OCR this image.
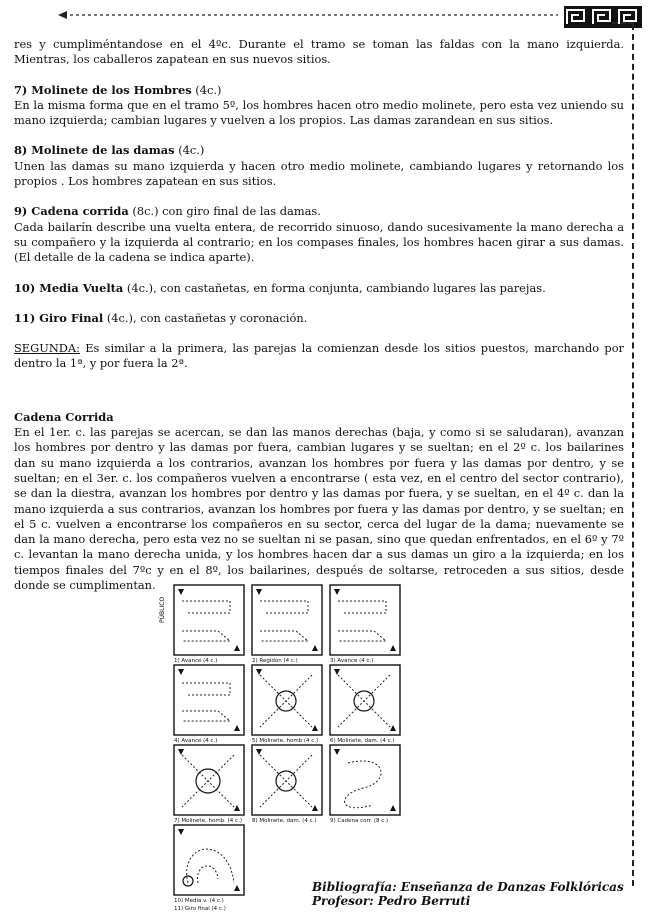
res y cumpliméntandose en el 4ºc. Durante el tramo se toman las faldas con la mano izquierda. Mientras, los caballeros zapatean en sus nuevos sitios.

7) Molinete de los Hombres (4c.)
En la misma forma que en el tramo 5º, los hombres hacen otro medio molinete, pero esta vez uniendo su mano izquierda; cambian lugares y vuelven a los propios. Las damas zarandean en sus sitios.

8) Molinete de las damas (4c.)
Unen las damas su mano izquierda y hacen otro medio molinete, cambiando lugares y retornando los propios . Los hombres zapatean en sus sitios.

9) Cadena corrida (8c.) con giro final de las damas.
Cada bailarín describe una vuelta entera, de recorrido sinuoso, dando sucesivamente la mano derecha a su compañero y la izquierda al contrario; en los compases finales, los hombres hacen girar a sus damas. (El detalle de la cadena se indica aparte).

10) Media Vuelta (4c.), con castañetas, en forma conjunta, cambiando lugares las parejas.

11) Giro Final (4c.), con castañetas y coronación.

SEGUNDA: Es similar a la primera, las parejas la comienzan desde los sitios puestos, marchando por dentro la 1ª, y por fuera la 2ª.

Cadena Corrida
En el 1er. c. las parejas se acercan, se dan las manos derechas (baja, y como si se saludaran), avanzan los hombres por dentro y las damas por fuera, cambian lugares y se sueltan; en el 2º c. los bailarines dan su mano izquierda a los contrarios, avanzan los hombres por fuera y las damas por dentro, y se sueltan; en el 3er. c. los compañeros vuelven a encontrarse ( esta vez, en el centro del sector contrario), se dan la diestra, avanzan los hombres por dentro y las damas por fuera, y se sueltan, en el 4º c. dan la mano izquierda a sus contrarios, avanzan los hombres por fuera y las damas por dentro, y se sueltan; en el 5 c. vuelven a encontrarse los compañeros en su sector, cerca del lugar de la dama; nuevamente se dan la mano derecha, pero esta vez no se sueltan ni se pasan, sino que quedan enfrentados, en el 6º y 7º c. levantan la mano derecha unida, y los hombres hacen dar a sus damas un giro a la izquierda; en los tiempos finales del 7ºc y en el 8º, los bailarines, después de soltarse, retroceden a sus sitios, desde donde se cumplimentan.

PÚBLICO
1) Avance (4 c.)	2) Regidón (4 c.)	3) Avance (4 c.)
4) Avance (4 c.)	5) Molinete, homb (4 c.) 6) Molinete, dam. (4 c.)
7) Molinete, homb. (4 c.) 8) Molinete, dam. (4 c.) 9) Cadena corr. (8 c.)
10) Media v. (4 c.)
11) Giro final (4 c.)
Bibliografía: Enseñanza de Danzas Folklóricas
Profesor: Pedro Berruti
